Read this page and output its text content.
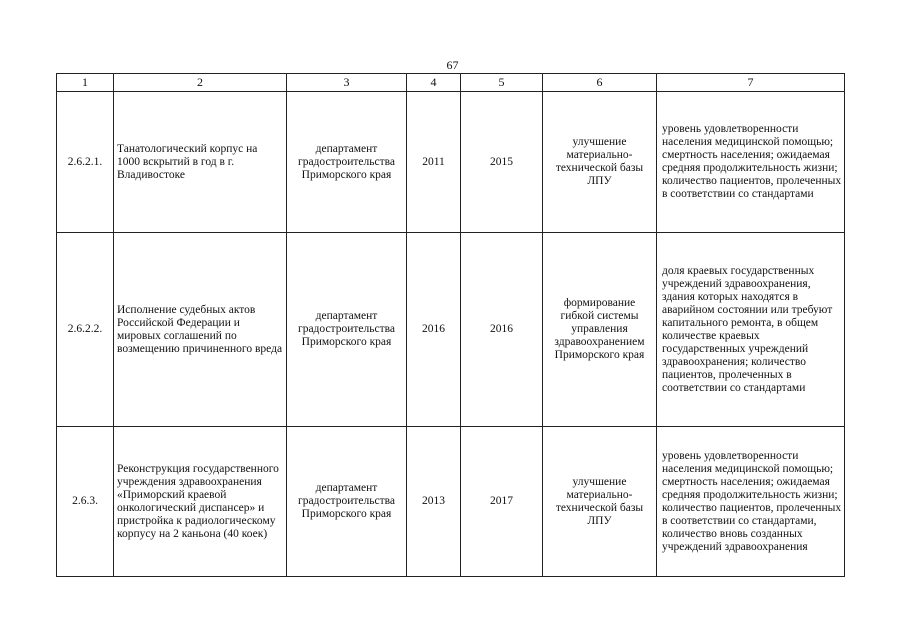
67
1	2	3	4	5	6	7
2.6.2.1.	Танатологический корпус на 1000 вскрытий в год в г. Владивостоке	департамент градостроительства Приморского края	2011	2015	улучшение материально-технической базы ЛПУ	уровень удовлетворенности населения медицинской помощью; смертность населения; ожидаемая средняя продолжительность жизни; количество пациентов, пролеченных в соответствии со стандартами
2.6.2.2.	Исполнение судебных актов Российской Федерации и мировых соглашений по возмещению причиненного вреда	департамент градостроительства Приморского края	2016	2016	формирование гибкой системы управления здравоохранением Приморского края	доля краевых государственных учреждений здравоохранения, здания которых находятся в аварийном состоянии или требуют капитального ремонта, в общем количестве краевых государственных учреждений здравоохранения; количество пациентов, пролеченных в соответствии со стандартами
2.6.3.	Реконструкция государственного учреждения здравоохранения «Приморский краевой онкологический диспансер» и пристройка к радиологическому корпусу на 2 каньона (40 коек)	департамент градостроительства Приморского края	2013	2017	улучшение материально-технической базы ЛПУ	уровень удовлетворенности населения медицинской помощью; смертность населения; ожидаемая средняя продолжительность жизни; количество пациентов, пролеченных в соответствии со стандартами, количество вновь созданных учреждений здравоохранения
